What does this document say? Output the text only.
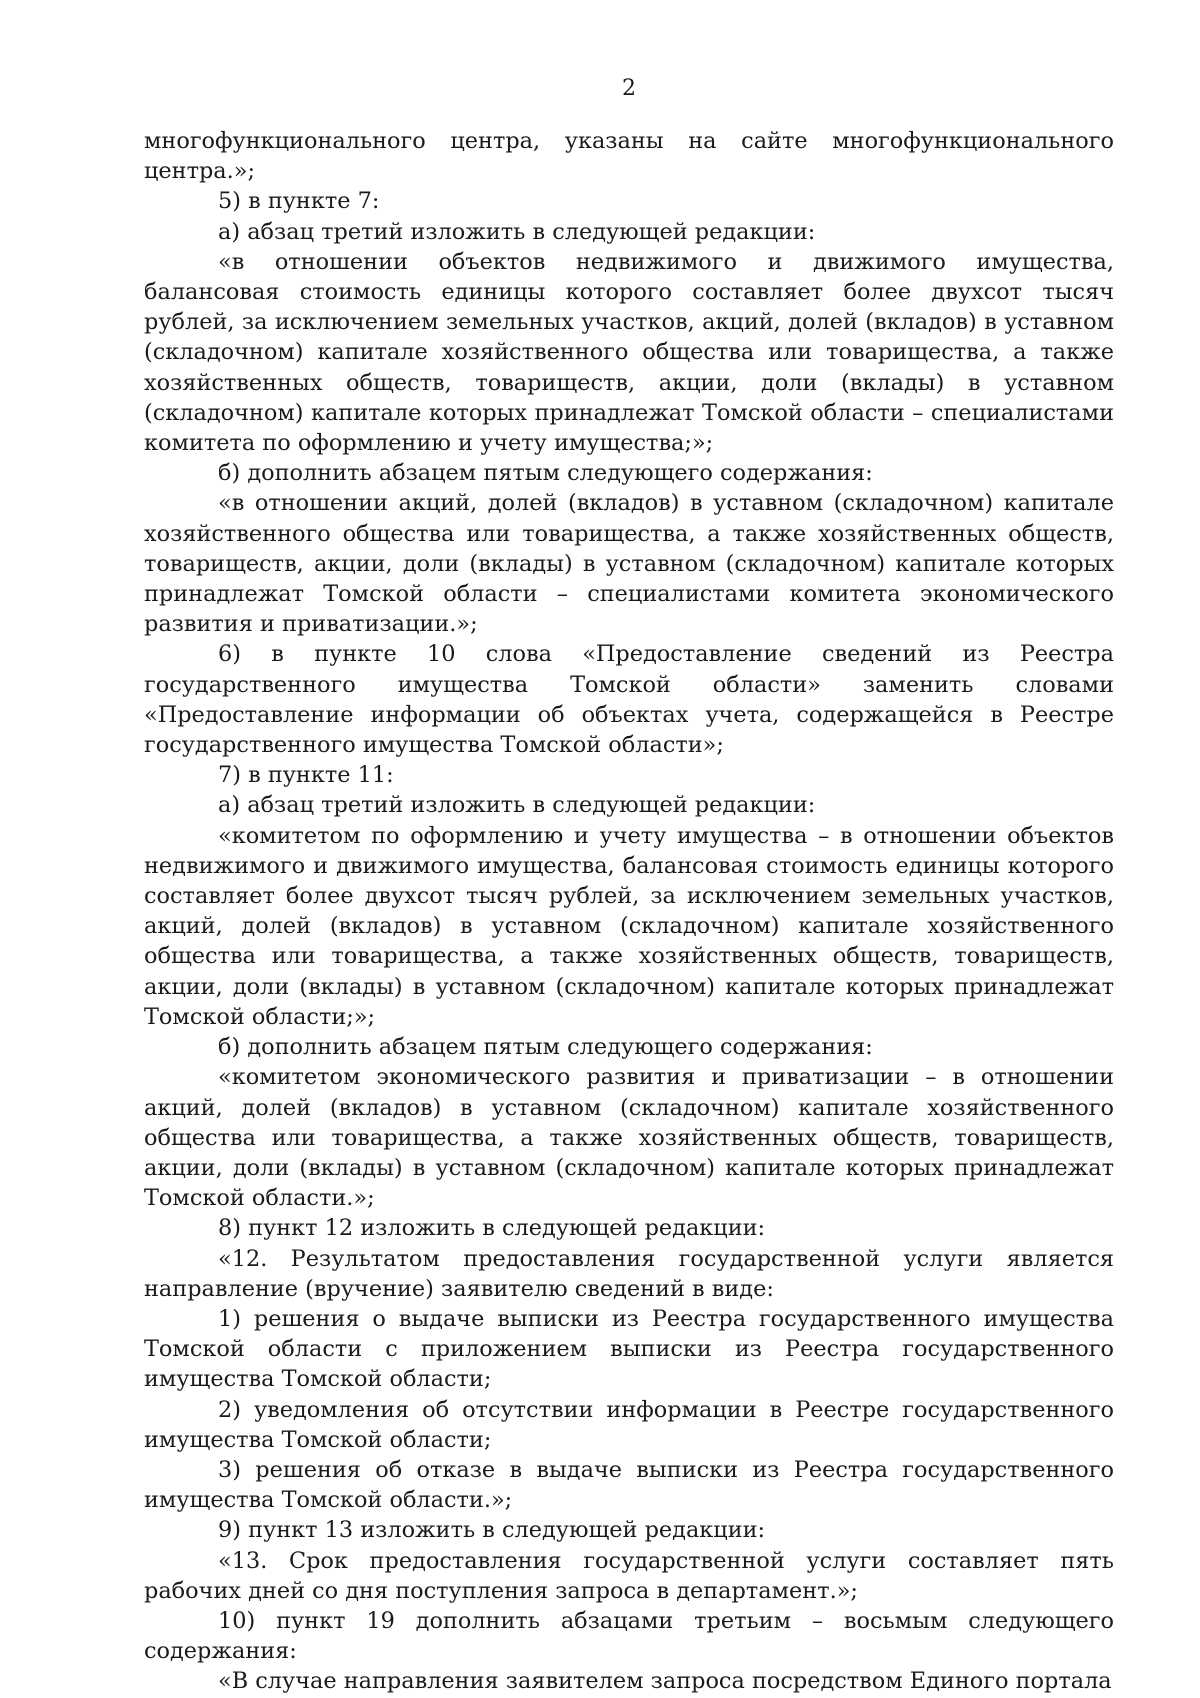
2

многофункционального центра, указаны на сайте многофункционального центра.»;

5) в пункте 7:

а) абзац третий изложить в следующей редакции:

«в отношении объектов недвижимого и движимого имущества, балансовая стоимость единицы которого составляет более двухсот тысяч рублей, за исключением земельных участков, акций, долей (вкладов) в уставном (складочном) капитале хозяйственного общества или товарищества, а также хозяйственных обществ, товариществ, акции, доли (вклады) в уставном (складочном) капитале которых принадлежат Томской области – специалистами комитета по оформлению и учету имущества;»;

б) дополнить абзацем пятым следующего содержания:

«в отношении акций, долей (вкладов) в уставном (складочном) капитале хозяйственного общества или товарищества, а также хозяйственных обществ, товариществ, акции, доли (вклады) в уставном (складочном) капитале которых принадлежат Томской области – специалистами комитета экономического развития и приватизации.»;

6) в пункте 10 слова «Предоставление сведений из Реестра государственного имущества Томской области» заменить словами «Предоставление информации об объектах учета, содержащейся в Реестре государственного имущества Томской области»;

7) в пункте 11:

а) абзац третий изложить в следующей редакции:

«комитетом по оформлению и учету имущества – в отношении объектов недвижимого и движимого имущества, балансовая стоимость единицы которого составляет более двухсот тысяч рублей, за исключением земельных участков, акций, долей (вкладов) в уставном (складочном) капитале хозяйственного общества или товарищества, а также хозяйственных обществ, товариществ, акции, доли (вклады) в уставном (складочном) капитале которых принадлежат Томской области;»;

б) дополнить абзацем пятым следующего содержания:

«комитетом экономического развития и приватизации – в отношении акций, долей (вкладов) в уставном (складочном) капитале хозяйственного общества или товарищества, а также хозяйственных обществ, товариществ, акции, доли (вклады) в уставном (складочном) капитале которых принадлежат Томской области.»;

8) пункт 12 изложить в следующей редакции:

«12. Результатом предоставления государственной услуги является направление (вручение) заявителю сведений в виде:

1) решения о выдаче выписки из Реестра государственного имущества Томской области с приложением выписки из Реестра государственного имущества Томской области;

2) уведомления об отсутствии информации в Реестре государственного имущества Томской области;

3) решения об отказе в выдаче выписки из Реестра государственного имущества Томской области.»;

9) пункт 13 изложить в следующей редакции:

«13. Срок предоставления государственной услуги составляет пять рабочих дней со дня поступления запроса в департамент.»;

10) пункт 19 дополнить абзацами третьим – восьмым следующего содержания:

«В случае направления заявителем запроса посредством Единого портала
